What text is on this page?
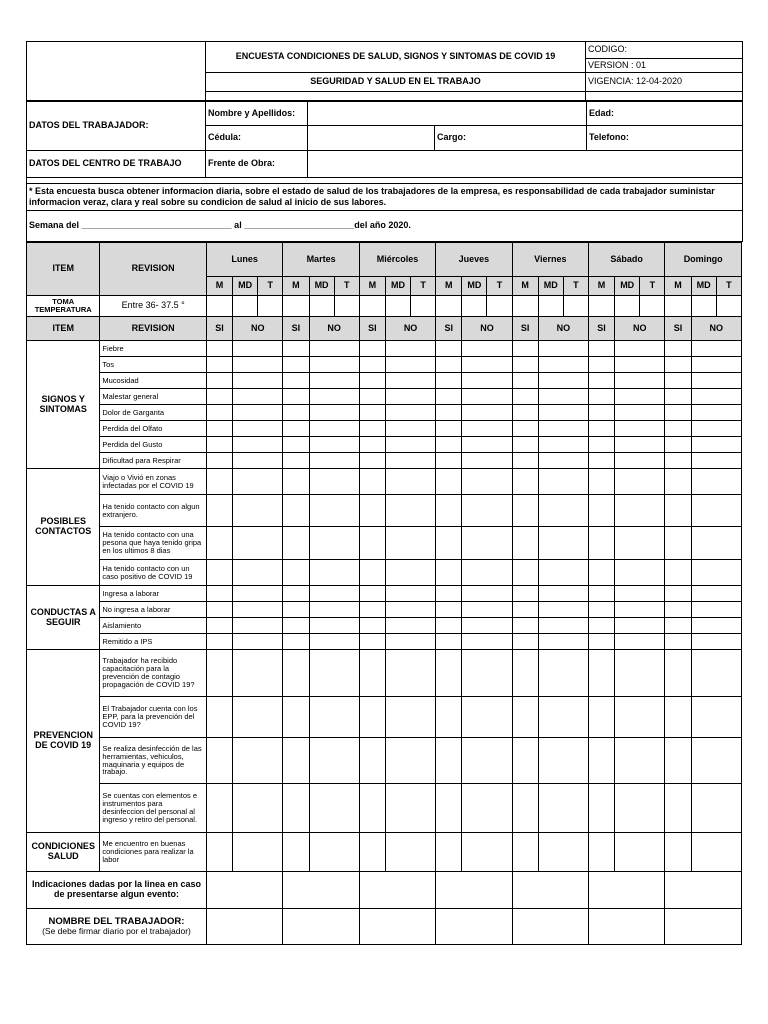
	ENCUESTA CONDICIONES DE SALUD, SIGNOS Y SINTOMAS DE COVID 19	CODIGO:
		VERSION : 01
	SEGURIDAD Y SALUD EN EL TRABAJO	VIGENCIA: 12-04-2020

DATOS DEL TRABAJADOR:	Nombre y Apellidos:			Edad:
	Cédula:		Cargo:	Telefono:
DATOS DEL CENTRO DE TRABAJO	Frente de Obra:			

* Esta encuesta busca obtener informacion diaria, sobre el estado de salud de los trabajadores de la empresa, es responsabilidad de cada trabajador suministar informacion veraz, clara y real sobre su condicion de salud al inicio de sus labores.				
Semana del ______________________________ al ______________________del año 2020.				
ITEM	REVISION	Lunes			Martes			Miércoles			Jueves			Viernes			Sábado			Domingo		
		M	MD	T	M	MD	T	M	MD	T	M	MD	T	M	MD	T	M	MD	T	M	MD	T
TOMA TEMPERATURA	Entre 36- 37.5 °																					
ITEM	REVISION	SI	NO		SI	NO		SI	NO		SI	NO		SI	NO		SI	NO		SI	NO	
SIGNOS Y SINTOMAS	Fiebre																					
	Tos																					
	Mucosidad																					
	Malestar general																					
	Dolor de Garganta																					
	Perdida del Olfato																					
	Perdida del Gusto																					
	Dificultad para Respirar																					
POSIBLES CONTACTOS	Viajo o Vivió en zonas infectadas por el COVID 19																					
	Ha tenido contacto con algun extranjero.																					
	Ha tenido contacto con una pesona que haya tenido gripa en los ultimos 8 dias																					
	Ha tenido contacto con un caso positivo de COVID 19																					
CONDUCTAS A SEGUIR	Ingresa a laborar																					
	No ingresa a laborar																					
	Aislamiento																					
	Remitido a IPS																					
PREVENCION DE COVID 19	Trabajador ha recibido capacitación para la prevención de contagio propagación de COVID 19?																					
	El Trabajador cuenta con los EPP, para la prevención del COVID 19?																					
	Se realiza desinfección de las herramientas, vehiculos, maquinaria y equipos de trabajo.																					
	Se cuentas con elementos e instrumentos para desinfeccion del personal al ingreso y retiro del personal.																					
CONDICIONES SALUD	Me encuentro en buenas condiciones para realizar la labor																					
Indicaciones dadas por la linea en caso de presentarse algun evento:																						

NOMBRE DEL TRABAJADOR:
(Se debe firmar diario por el trabajador)																						
